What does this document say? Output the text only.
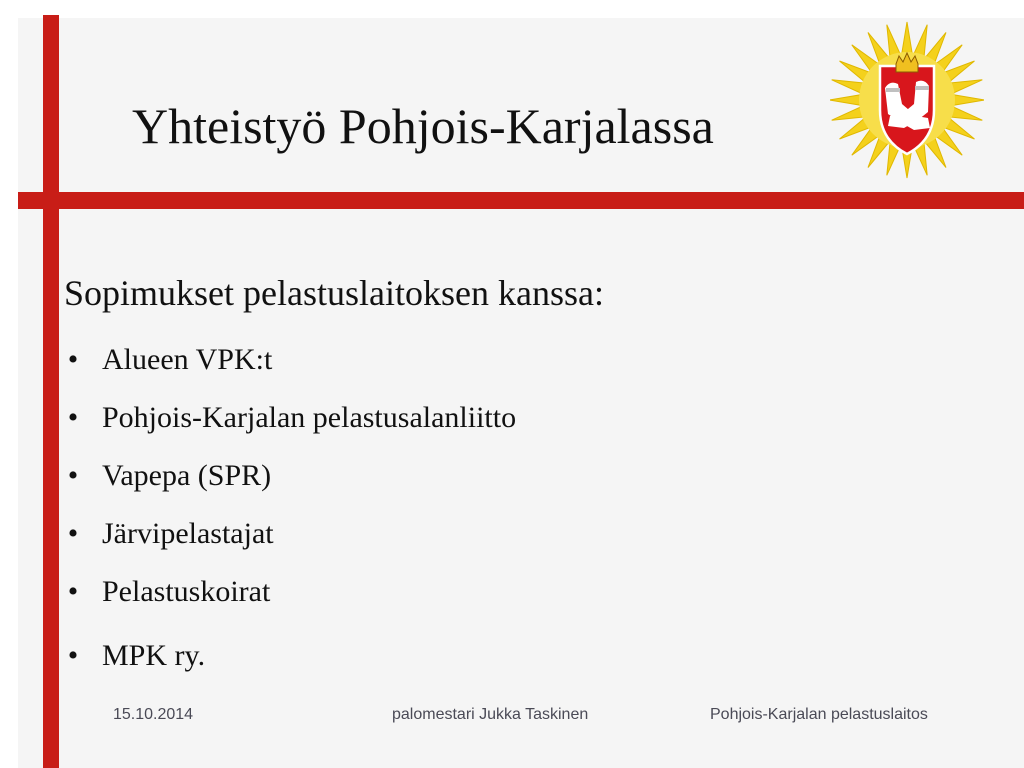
Yhteistyö Pohjois-Karjalassa
Sopimukset pelastuslaitoksen kanssa:
• Alueen VPK:t
• Pohjois-Karjalan pelastusalanliitto
• Vapepa (SPR)
• Järvipelastajat
• Pelastuskoirat
• MPK ry.
15.10.2014	palomestari Jukka Taskinen	Pohjois-Karjalan pelastuslaitos
